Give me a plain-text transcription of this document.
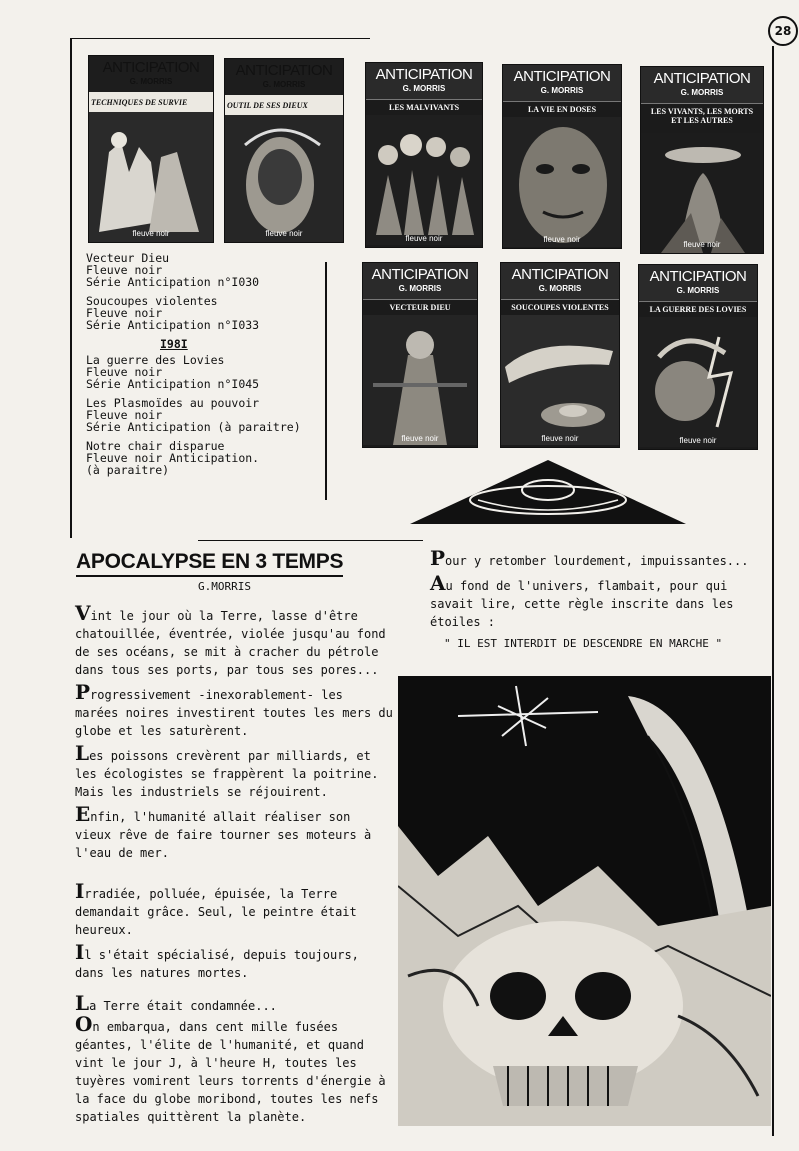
28
ANTICIPATION
G. MORRIS
TECHNIQUES DE SURVIE
fleuve noir
ANTICIPATION
G. MORRIS
OUTIL DE SES DIEUX
fleuve noir
ANTICIPATION
G. MORRIS
LES MALVIVANTS
fleuve noir
ANTICIPATION
G. MORRIS
LA VIE EN DOSES
fleuve noir
ANTICIPATION
G. MORRIS
LES VIVANTS, LES MORTS ET LES AUTRES
fleuve noir
ANTICIPATION
G. MORRIS
VECTEUR DIEU
fleuve noir
ANTICIPATION
G. MORRIS
SOUCOUPES VIOLENTES
fleuve noir
ANTICIPATION
G. MORRIS
LA GUERRE DES LOVIES
fleuve noir
Vecteur Dieu
Fleuve noir
Série Anticipation n°I030
Soucoupes violentes
Fleuve noir
Série Anticipation n°I033
I98I
La guerre des Lovies
Fleuve noir
Série Anticipation n°I045
Les Plasmoïdes au pouvoir
Fleuve noir
Série Anticipation (à paraitre)
Notre chair disparue
Fleuve noir Anticipation.
(à paraitre)
APOCALYPSE EN 3 TEMPS
G.MORRIS

Vint le jour où la Terre, lasse d'être chatouillée, éventrée, violée jusqu'au fond de ses océans, se mit à cracher du pétrole dans tous ses ports, par tous ses pores...

Progressivement -inexorablement- les marées noires investirent toutes les mers du globe et les saturèrent.

Les poissons crevèrent par milliards, et les écologistes se frappèrent la poitrine. Mais les industriels se réjouirent.

Enfin, l'humanité allait réaliser son vieux rêve de faire tourner ses moteurs à l'eau de mer.

Irradiée, polluée, épuisée, la Terre demandait grâce. Seul, le peintre était heureux.

Il s'était spécialisé, depuis toujours, dans les natures mortes.

La Terre était condamnée...

On embarqua, dans cent mille fusées géantes, l'élite de l'humanité, et quand vint le jour J, à l'heure H, toutes les tuyères vomirent leurs torrents d'énergie à la face du globe moribond, toutes les nefs spatiales quittèrent la planète.

Pour y retomber lourdement, impuissantes...

Au fond de l'univers, flambait, pour qui savait lire, cette règle inscrite dans les étoiles :

" IL EST INTERDIT DE DESCENDRE EN MARCHE "
